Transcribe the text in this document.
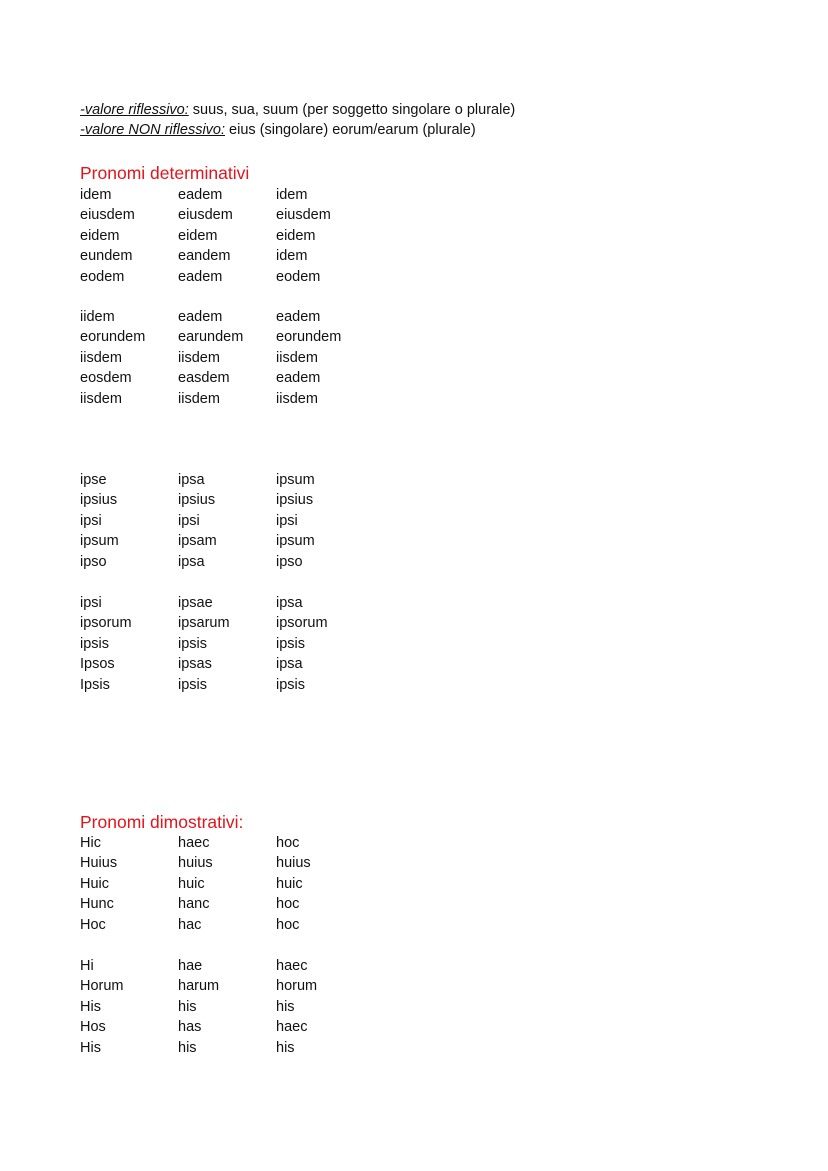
-valore riflessivo: suus, sua, suum (per soggetto singolare o plurale)
-valore NON riflessivo: eius (singolare) eorum/earum (plurale)
Pronomi determinativi
idem	eadem	idem
eiusdem	eiusdem	eiusdem
eidem	eidem	eidem
eundem	eandem	idem
eodem	eadem	eodem
iidem	eadem	eadem
eorundem earundem eorundem
iisdem	iisdem	iisdem
eosdem	easdem	eadem
iisdem	iisdem	iisdem
ipse	ipsa	ipsum
ipsius	ipsius	ipsius
ipsi	ipsi	ipsi
ipsum	ipsam	ipsum
ipso	ipsa	ipso
ipsi	ipsae	ipsa
ipsorum	ipsarum	ipsorum
ipsis	ipsis	ipsis
Ipsos	ipsas	ipsa
Ipsis	ipsis	ipsis
Pronomi dimostrativi:
Hic	haec	hoc
Huius	huius	huius
Huic	huic	huic
Hunc	hanc	hoc
Hoc	hac	hoc
Hi	hae	haec
Horum	harum	horum
His	his	his
Hos	has	haec
His	his	his
